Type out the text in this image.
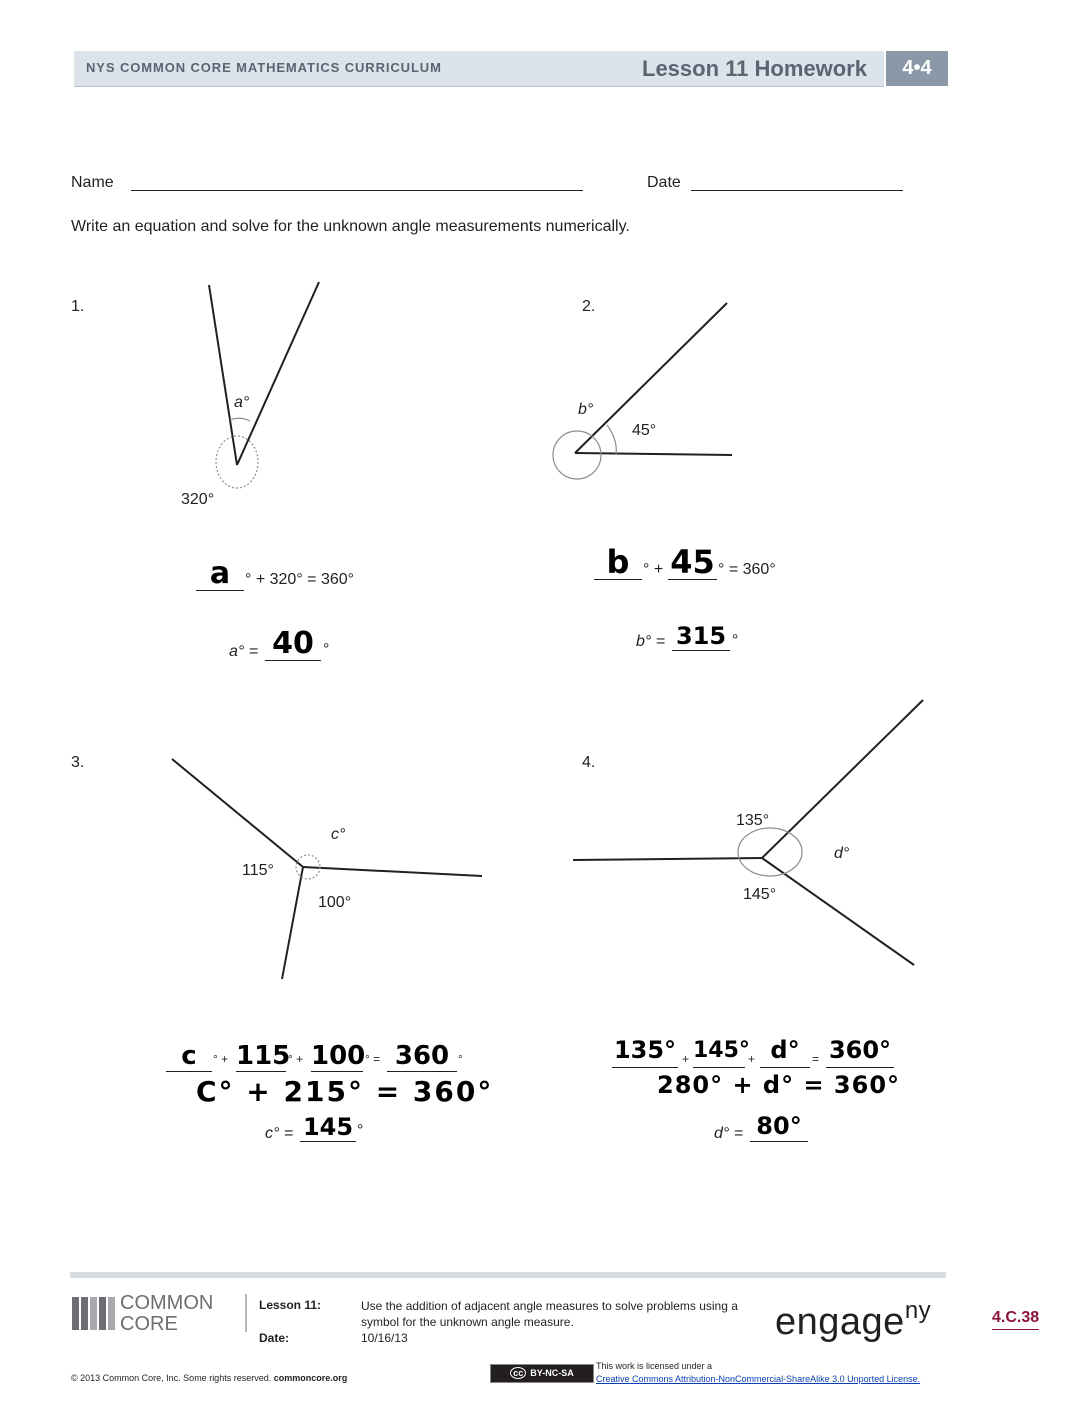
NYS COMMON CORE MATHEMATICS CURRICULUM	Lesson 11 Homework	4•4
Name	Date
Write an equation and solve for the unknown angle measurements numerically.
1.
a°
320°
a ° + 320° = 360°
a° = 40 °
2.
b°
45°
b ° + 45 ° = 360°
b° = 315 °
3.
c°
115°
100°
c	° + 115
° + 100 ° = 360 °
C° + 215° = 360°
c° = 145 °
4.
135°
d°
145°
135° + 145°
+ d°	= 360°
280° + d° = 360°
d° = 80°
COMMON
CORE
Lesson 11:	Use the addition of adjacent angle measures to solve problems using a symbol for the unknown angle measure.
Date:	10/16/13	engage$^{ny}$	4.C.38
© 2013 Common Core, Inc. Some rights reserved. commoncore.org	cc BY-NC-SA
This work is licensed under a
Creative Commons Attribution-NonCommercial-ShareAlike 3.0 Unported License.
